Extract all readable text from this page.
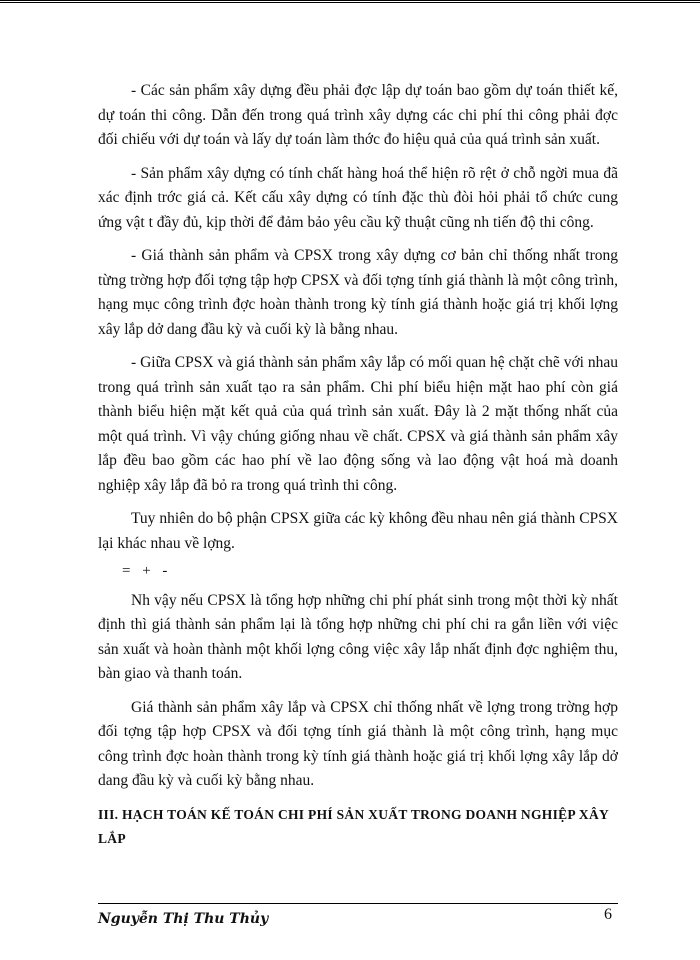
- Các sản phẩm xây dựng đều phải đợc lập dự toán bao gồm dự toán thiết kế, dự toán thi công. Dẫn đến trong quá trình xây dựng các chi phí thi công phải đợc đối chiếu với dự toán và lấy dự toán làm thớc đo hiệu quả của quá trình sản xuất.

- Sản phẩm xây dựng có tính chất hàng hoá thể hiện rõ rệt ở chỗ ngời mua đã xác định trớc giá cả. Kết cấu xây dựng có tính đặc thù đòi hỏi phải tổ chức cung ứng vật t đầy đủ, kịp thời để đảm bảo yêu cầu kỹ thuật cũng nh tiến độ thi công.

- Giá thành sản phẩm và CPSX trong xây dựng cơ bản chỉ thống nhất trong từng trờng hợp đối tợng tập hợp CPSX và đối tợng tính giá thành là một công trình, hạng mục công trình đợc hoàn thành trong kỳ tính giá thành hoặc giá trị khối lợng xây lắp dở dang đầu kỳ và cuối kỳ là bằng nhau.

- Giữa CPSX và giá thành sản phẩm xây lắp có mối quan hệ chặt chẽ với nhau trong quá trình sản xuất tạo ra sản phẩm. Chi phí biểu hiện mặt hao phí còn giá thành biểu hiện mặt kết quả của quá trình sản xuất. Đây là 2 mặt thống nhất của một quá trình. Vì vậy chúng giống nhau về chất. CPSX và giá thành sản phẩm xây lắp đều bao gồm các hao phí về lao động sống và lao động vật hoá mà doanh nghiệp xây lắp đã bỏ ra trong quá trình thi công.

Tuy nhiên do bộ phận CPSX giữa các kỳ không đều nhau nên giá thành CPSX lại khác nhau về lợng.

= + -

Nh vậy nếu CPSX là tổng hợp những chi phí phát sinh trong một thời kỳ nhất định thì giá thành sản phẩm lại là tổng hợp những chi phí chi ra gắn liền với việc sản xuất và hoàn thành một khối lợng công việc xây lắp nhất định đợc nghiệm thu, bàn giao và thanh toán.

Giá thành sản phẩm xây lắp và CPSX chỉ thống nhất về lợng trong trờng hợp đối tợng tập hợp CPSX và đối tợng tính giá thành là một công trình, hạng mục công trình đợc hoàn thành trong kỳ tính giá thành hoặc giá trị khối lợng xây lắp dở dang đầu kỳ và cuối kỳ bằng nhau.

III. HẠCH TOÁN KẾ TOÁN CHI PHÍ SẢN XUẤT TRONG DOANH NGHIỆP XÂY LẮP

Nguyễn Thị Thu Thủy	6
